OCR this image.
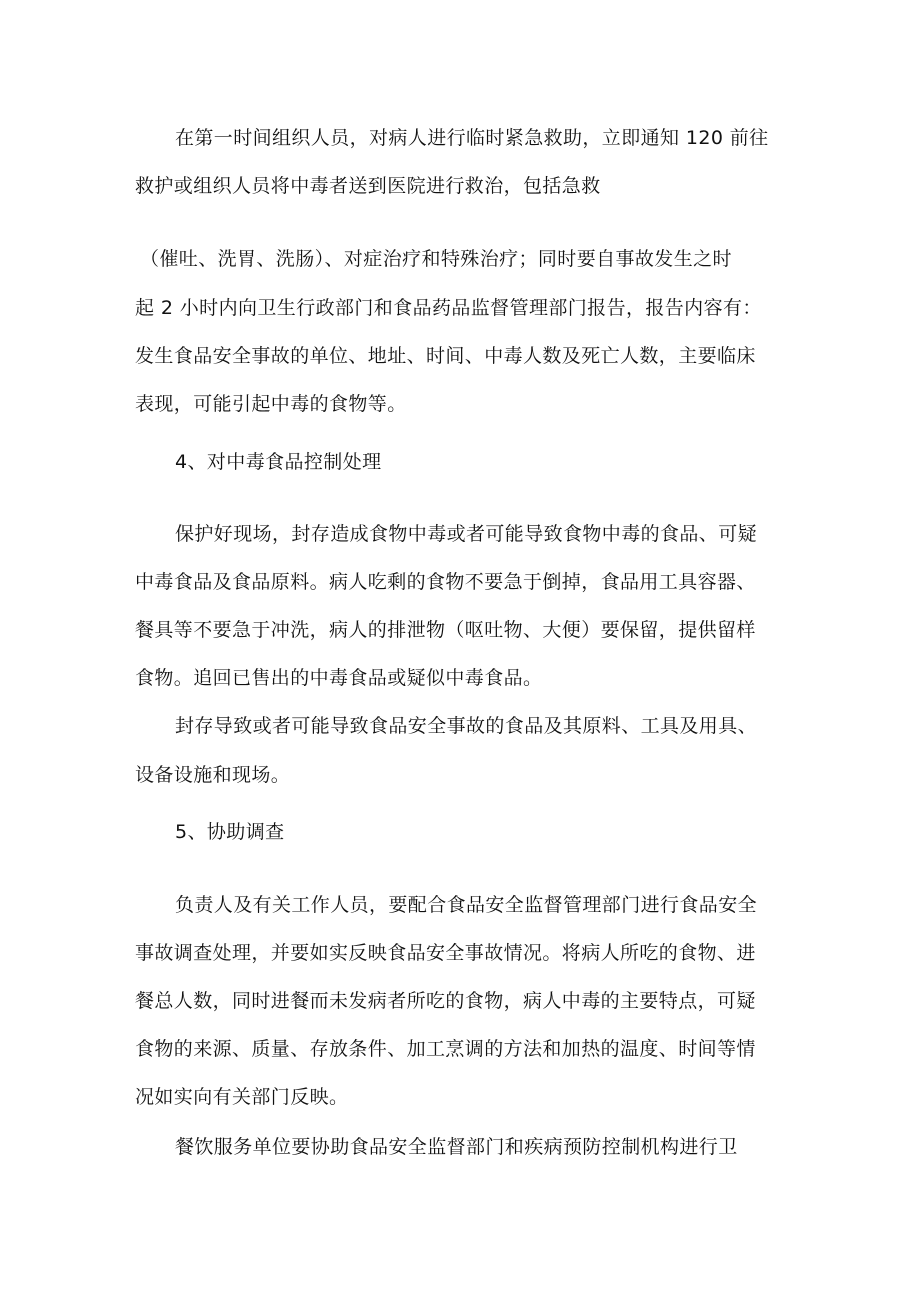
在第一时间组织人员，对病人进行临时紧急救助，立即通知 120 前往
救护或组织人员将中毒者送到医院进行救治，包括急救
（催吐、洗胃、洗肠）、对症治疗和特殊治疗；同时要自事故发生之时
起 2 小时内向卫生行政部门和食品药品监督管理部门报告，报告内容有：
发生食品安全事故的单位、地址、时间、中毒人数及死亡人数，主要临床
表现，可能引起中毒的食物等。
4、对中毒食品控制处理
保护好现场，封存造成食物中毒或者可能导致食物中毒的食品、可疑
中毒食品及食品原料。病人吃剩的食物不要急于倒掉，食品用工具容器、
餐具等不要急于冲洗，病人的排泄物（呕吐物、大便）要保留，提供留样
食物。追回已售出的中毒食品或疑似中毒食品。
封存导致或者可能导致食品安全事故的食品及其原料、工具及用具、
设备设施和现场。
5、协助调查
负责人及有关工作人员，要配合食品安全监督管理部门进行食品安全
事故调查处理，并要如实反映食品安全事故情况。将病人所吃的食物、进
餐总人数，同时进餐而未发病者所吃的食物，病人中毒的主要特点，可疑
食物的来源、质量、存放条件、加工烹调的方法和加热的温度、时间等情
况如实向有关部门反映。
餐饮服务单位要协助食品安全监督部门和疾病预防控制机构进行卫
